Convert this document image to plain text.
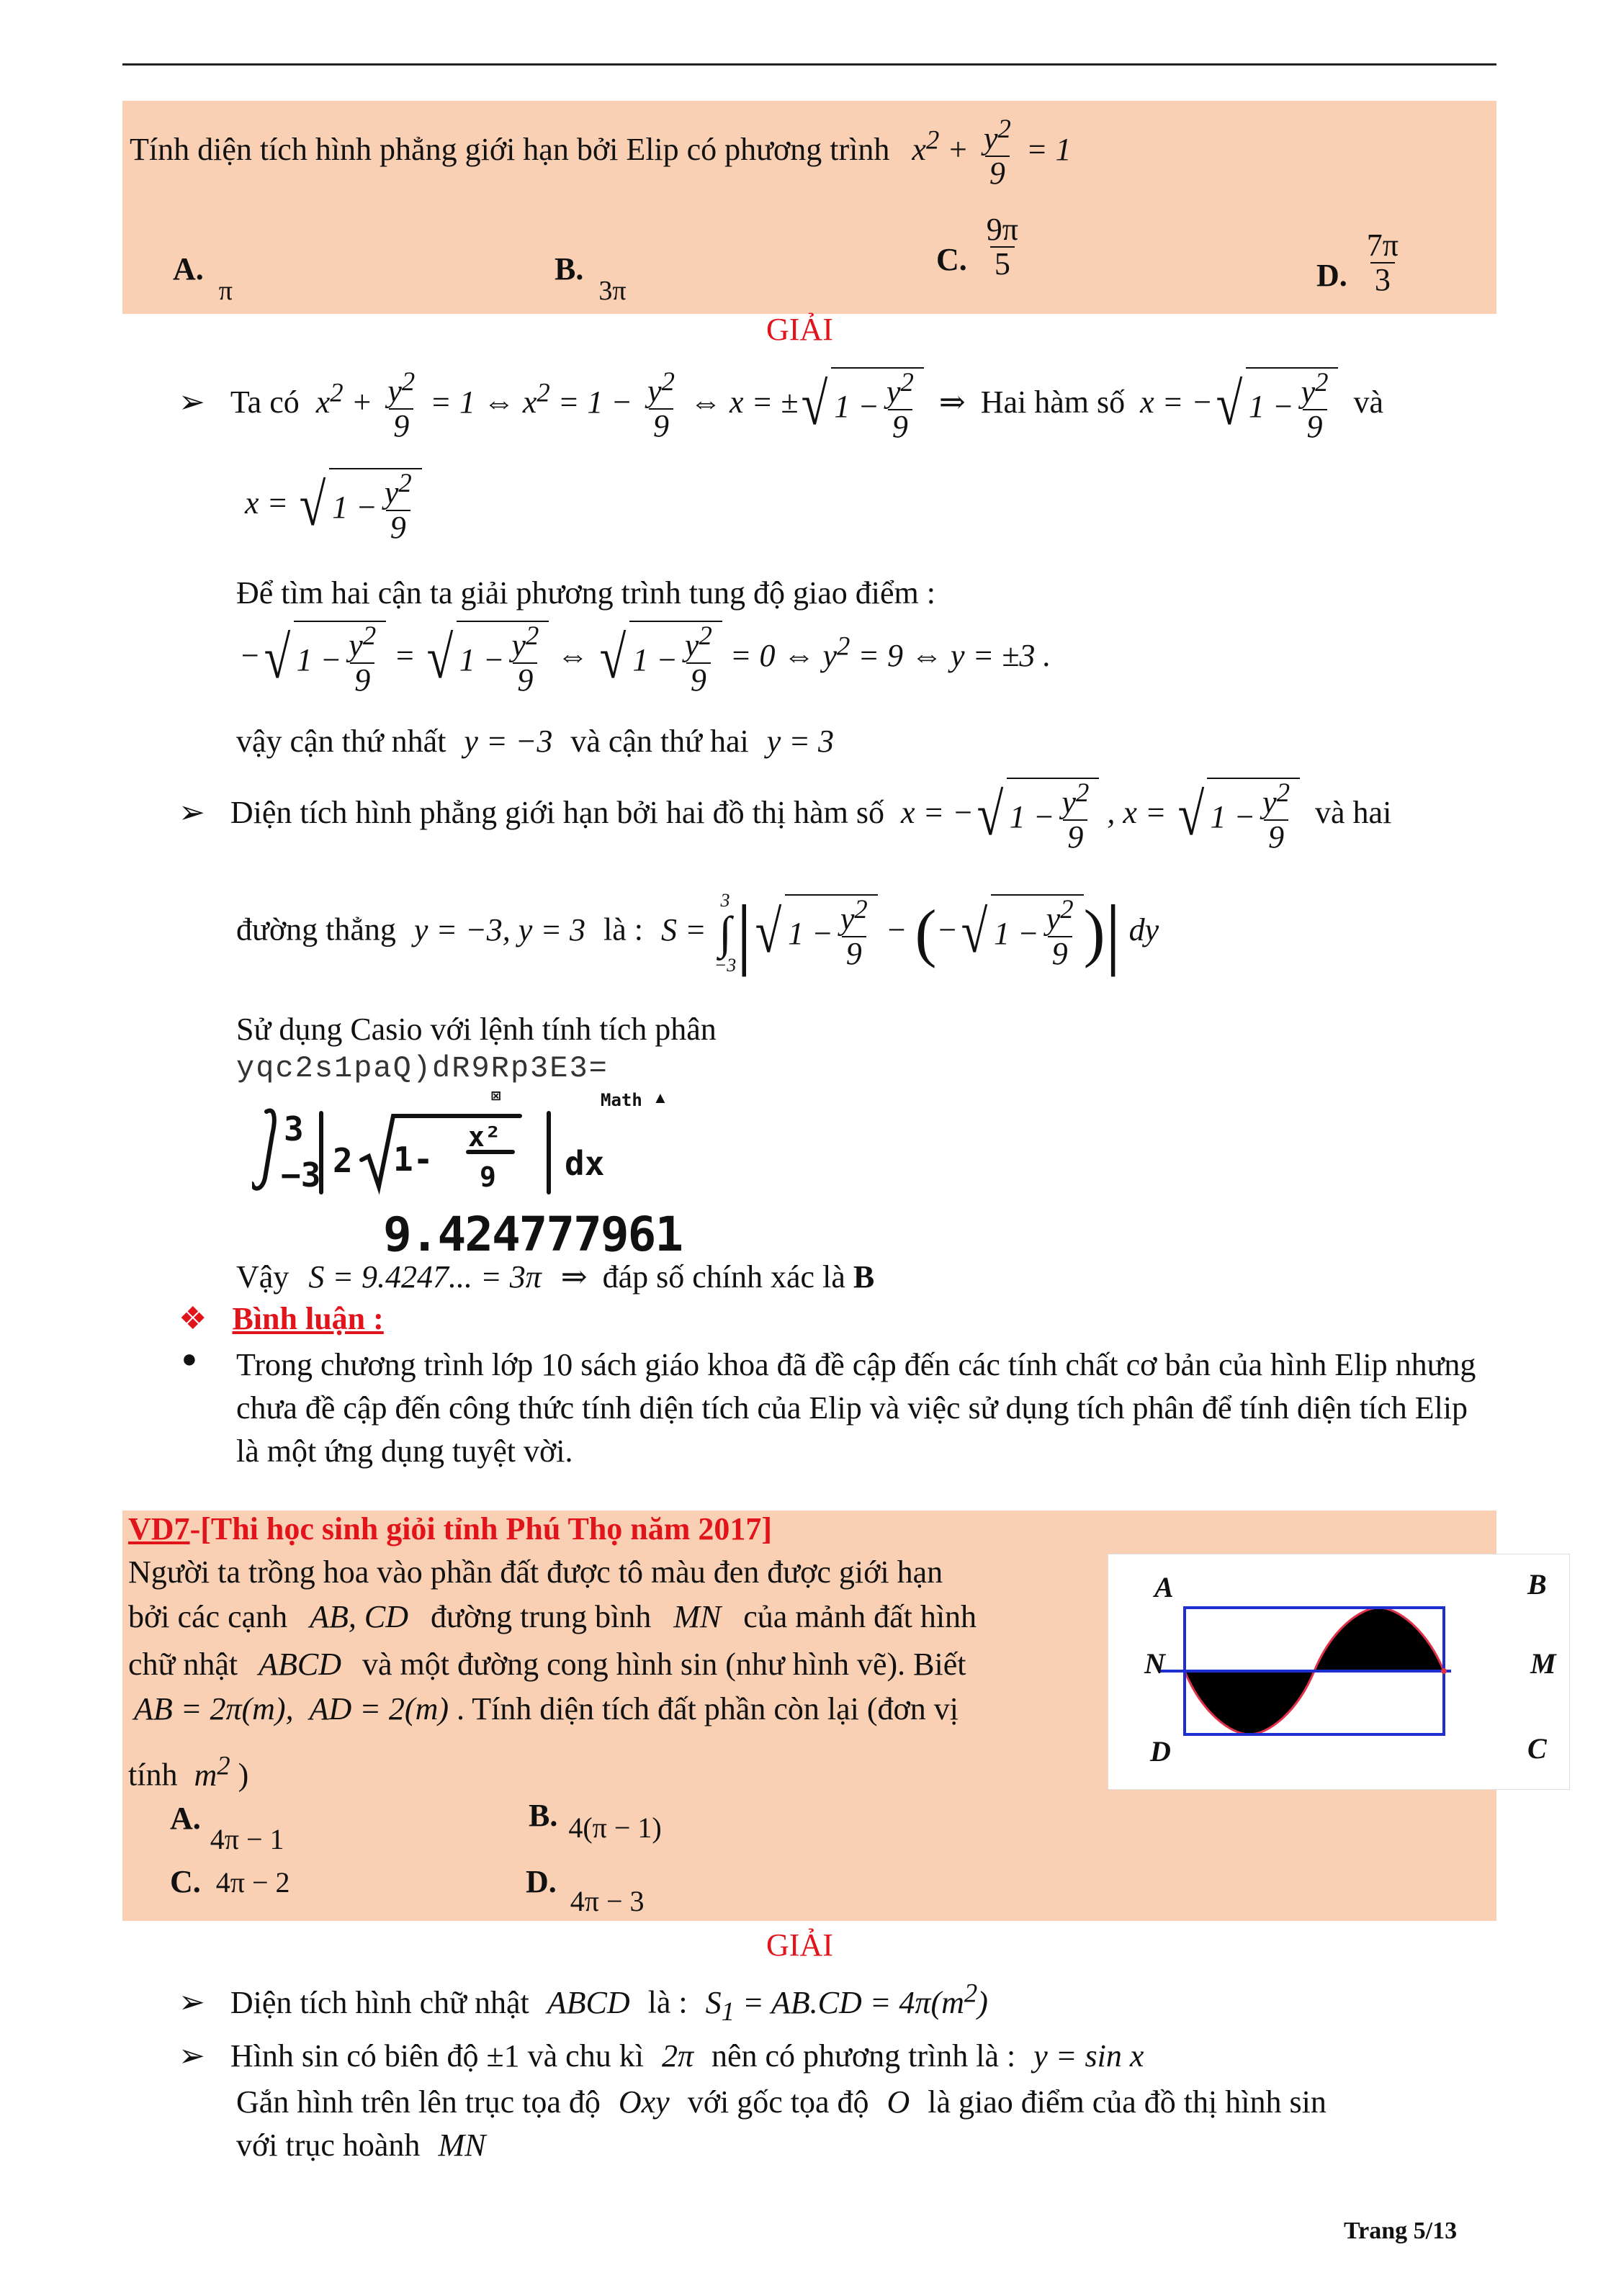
Tính diện tích hình phẳng giới hạn bởi Elip có phương trình $x^2 + \frac{y^2}{9} = 1$
A. π
B. 3π
C. $\frac{9\pi}{5}$	D. $\frac{7\pi}{3}$
GIẢI
➢ Ta có $x^2 + \frac{y^2}{9} = 1$ ⇔ $x^2 = 1 - \frac{y^2}{9}$ ⇔ x = ± √ $1 - \frac{y^2}{9}$ ⇒ Hai hàm số x = − √ $1 - \frac{y^2}{9}$ và
x = √ $1 - \frac{y^2}{9}$
Để tìm hai cận ta giải phương trình tung độ giao điểm :
− √ $1 - \frac{y^2}{9}$ = √ $1 - \frac{y^2}{9}$ ⇔ √ $1 - \frac{y^2}{9} = 0$ ⇔ $y^2 = 9$ ⇔ y = ±3 .
vậy cận thứ nhất y = −3 và cận thứ hai y = 3
➢ Diện tích hình phẳng giới hạn bởi hai đồ thị hàm số x = − √ $1 - \frac{y^2}{9}$ , x = √ $1 - \frac{y^2}{9}$ và hai
đường thẳng y = −3, y = 3 là : S =
3
∫
−3 | √ $1 - \frac{y^2}{9}$ − (− √ $1 - \frac{y^2}{9}$ )| dy
Sử dụng Casio với lệnh tính tích phân
yqc2s1paQ)dR9Rp3E3=
⊠	Math ▲
3
−3 2 1-
x²
9 dx
9.424777961
Vậy S = 9.4247... = 3π ⇒ đáp số chính xác là B
❖ Bình luận :
● Trong chương trình lớp 10 sách giáo khoa đã đề cập đến các tính chất cơ bản của hình Elip nhưng chưa đề cập đến công thức tính diện tích của Elip và việc sử dụng tích phân để tính diện tích Elip là một ứng dụng tuyệt vời.
VD7-[Thi học sinh giỏi tỉnh Phú Thọ năm 2017]
Người ta trồng hoa vào phần đất được tô màu đen được giới hạn
bởi các cạnh AB, CD đường trung bình MN của mảnh đất hình
chữ nhật ABCD và một đường cong hình sin (như hình vẽ). Biết
AB = 2π(m),  AD = 2(m) . Tính diện tích đất phần còn lại (đơn vị
tính $m^2$ )
A	B
N	M
D	C
A. 4π − 1
B. 4(π − 1)
C. 4π − 2	D. 4π − 3
GIẢI
➢ Diện tích hình chữ nhật ABCD là : $S_1 = AB.CD = 4\pi(m^2)$
➢ Hình sin có biên độ ±1 và chu kì 2π nên có phương trình là : y = sin x
Gắn hình trên lên trục tọa độ Oxy với gốc tọa độ O là giao điểm của đồ thị hình sin
với trục hoành MN
Trang 5/13
